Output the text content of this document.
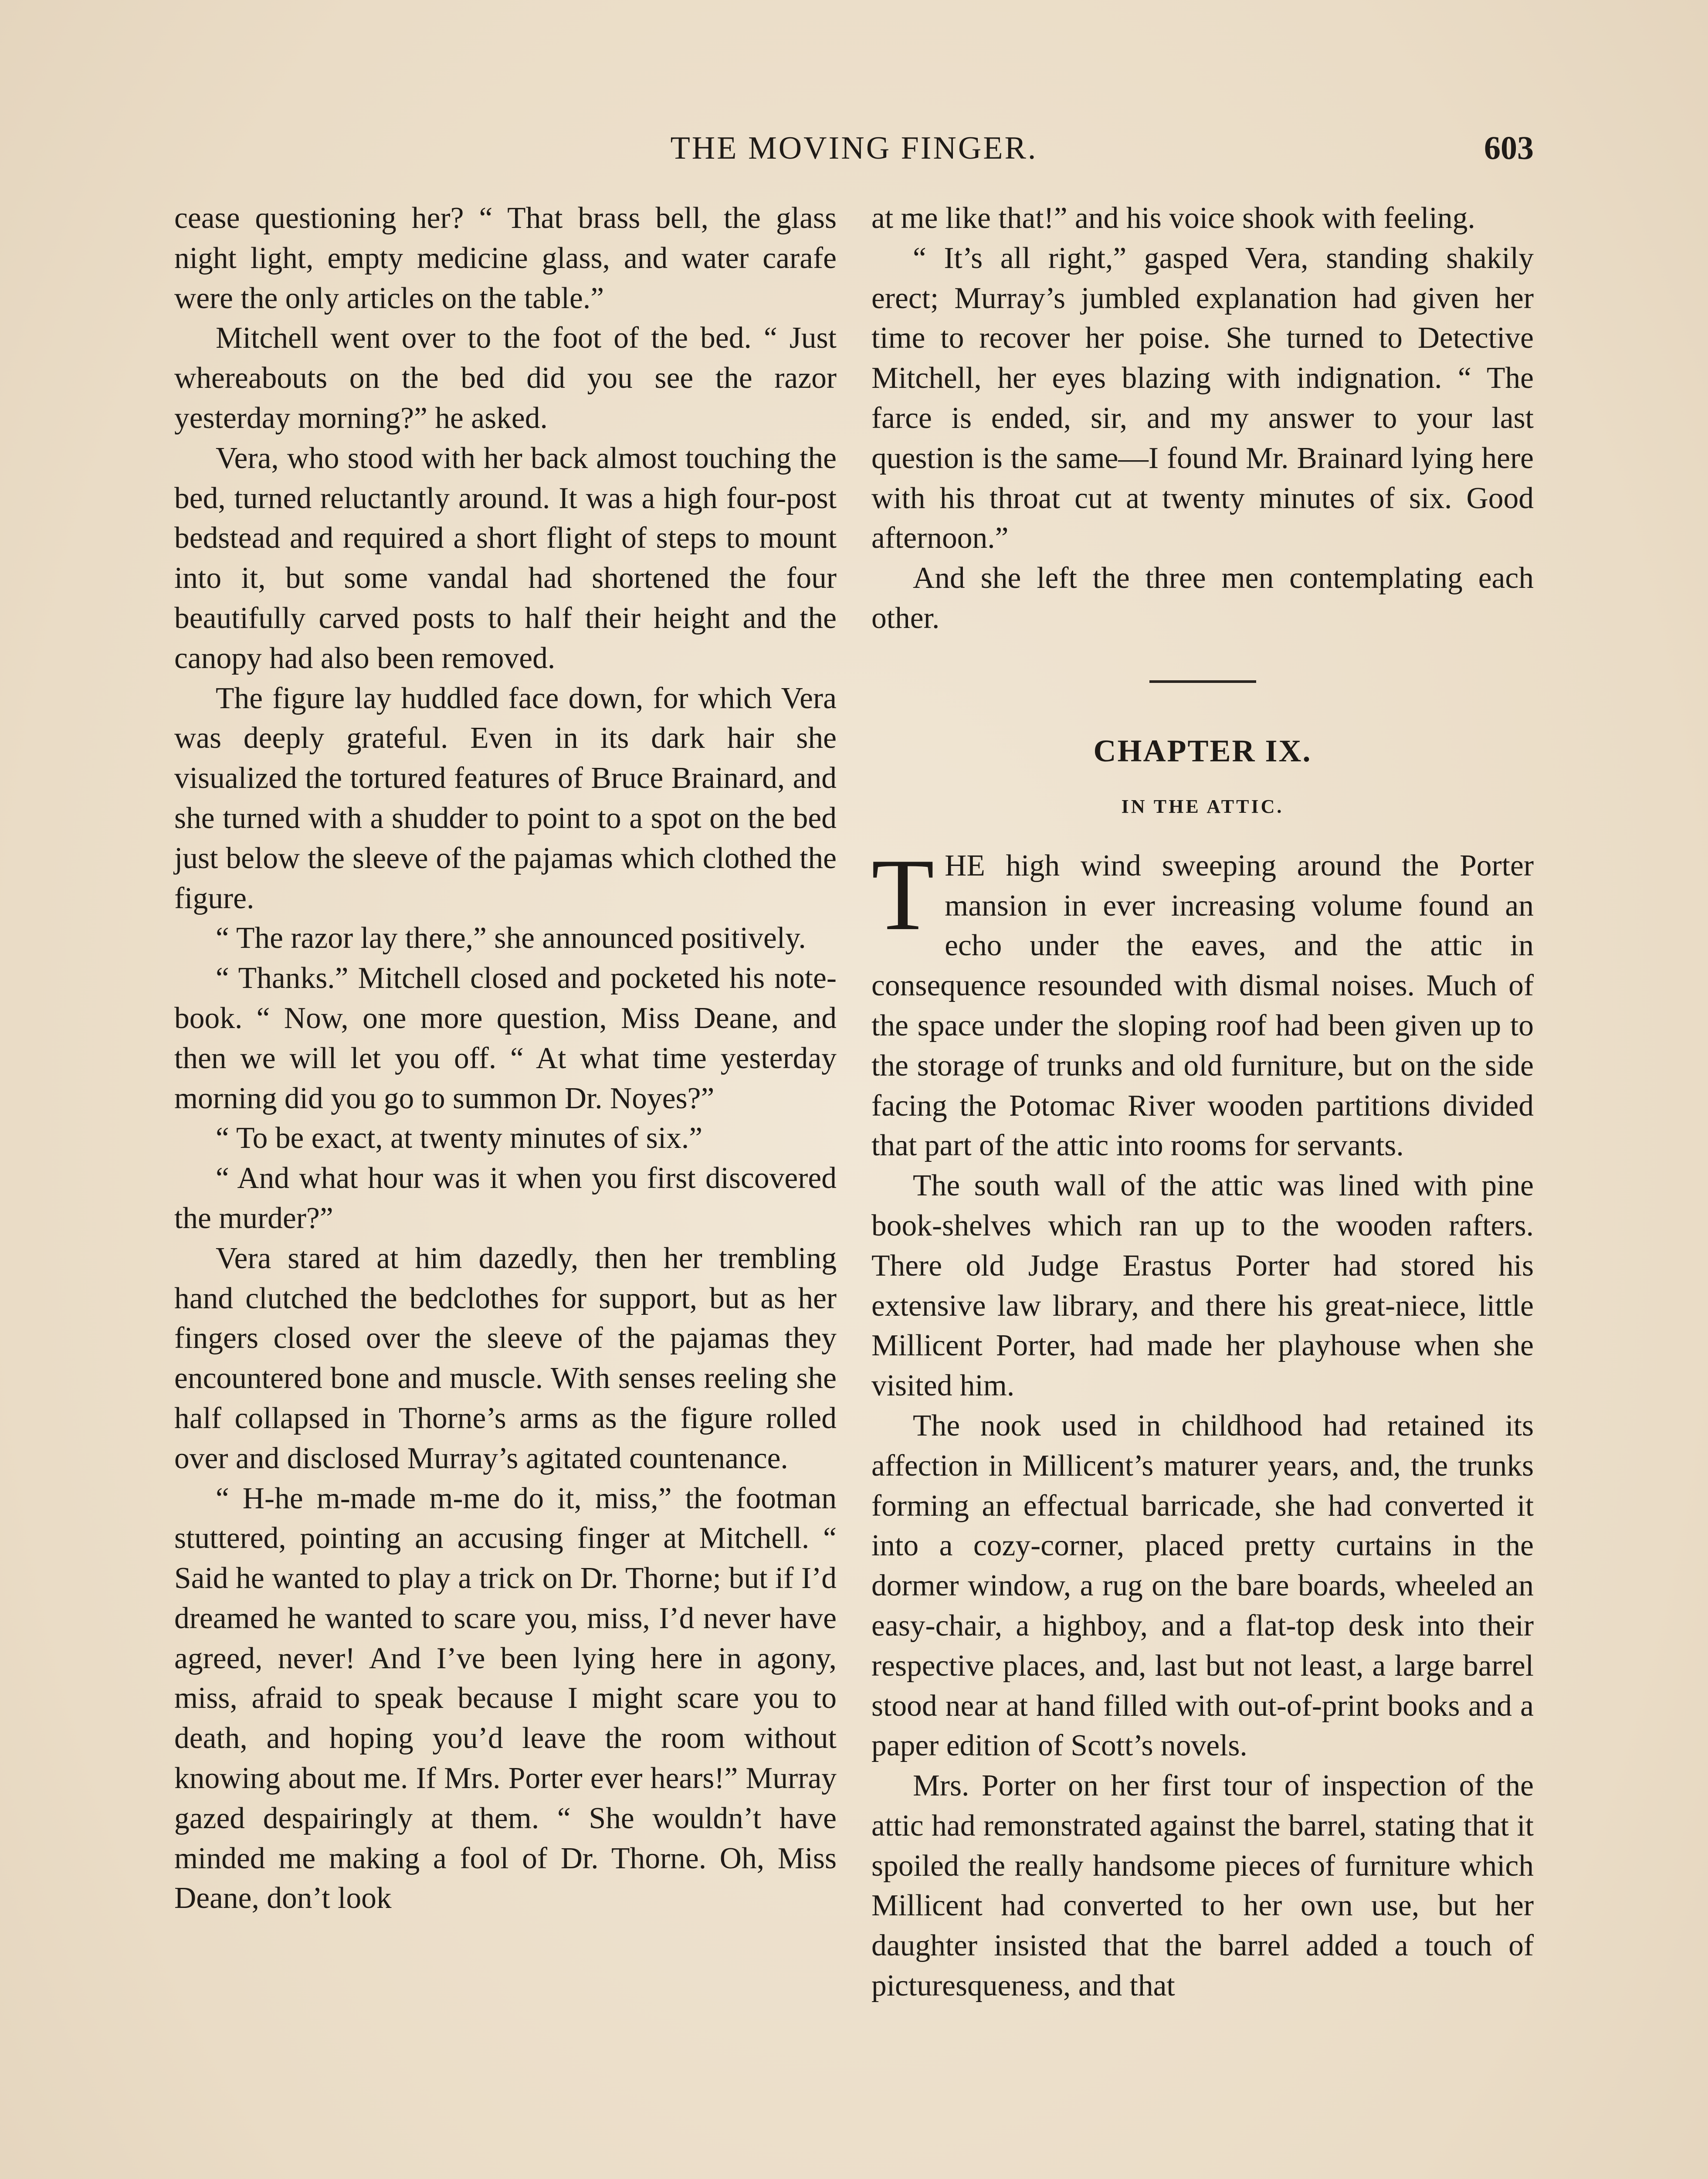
THE MOVING FINGER.	603

cease questioning her? “ That brass bell, the glass night light, empty medicine glass, and water carafe were the only articles on the table.”

Mitchell went over to the foot of the bed. “ Just whereabouts on the bed did you see the razor yesterday morning?” he asked.

Vera, who stood with her back almost touching the bed, turned reluctantly around. It was a high four-post bedstead and required a short flight of steps to mount into it, but some vandal had shortened the four beautifully carved posts to half their height and the canopy had also been removed.

The figure lay huddled face down, for which Vera was deeply grateful. Even in its dark hair she visualized the tortured features of Bruce Brainard, and she turned with a shudder to point to a spot on the bed just below the sleeve of the pajamas which clothed the figure.

“ The razor lay there,” she announced positively.

“ Thanks.” Mitchell closed and pocketed his note-book. “ Now, one more question, Miss Deane, and then we will let you off. “ At what time yesterday morning did you go to summon Dr. Noyes?”

“ To be exact, at twenty minutes of six.”

“ And what hour was it when you first discovered the murder?”

Vera stared at him dazedly, then her trembling hand clutched the bedclothes for support, but as her fingers closed over the sleeve of the pajamas they encountered bone and muscle. With senses reeling she half collapsed in Thorne’s arms as the figure rolled over and disclosed Murray’s agitated countenance.

“ H-he m-made m-me do it, miss,” the footman stuttered, pointing an accusing finger at Mitchell. “ Said he wanted to play a trick on Dr. Thorne; but if I’d dreamed he wanted to scare you, miss, I’d never have agreed, never! And I’ve been lying here in agony, miss, afraid to speak because I might scare you to death, and hoping you’d leave the room without knowing about me. If Mrs. Porter ever hears!” Murray gazed despairingly at them. “ She wouldn’t have minded me making a fool of Dr. Thorne. Oh, Miss Deane, don’t look

at me like that!” and his voice shook with feeling.

“ It’s all right,” gasped Vera, standing shakily erect; Murray’s jumbled explanation had given her time to recover her poise. She turned to Detective Mitchell, her eyes blazing with indignation. “ The farce is ended, sir, and my answer to your last question is the same—I found Mr. Brainard lying here with his throat cut at twenty minutes of six. Good afternoon.”

And she left the three men contemplating each other.

CHAPTER IX.
IN THE ATTIC.

THE high wind sweeping around the Porter mansion in ever increasing volume found an echo under the eaves, and the attic in consequence resounded with dismal noises. Much of the space under the sloping roof had been given up to the storage of trunks and old furniture, but on the side facing the Potomac River wooden partitions divided that part of the attic into rooms for servants.

The south wall of the attic was lined with pine book-shelves which ran up to the wooden rafters. There old Judge Erastus Porter had stored his extensive law library, and there his great-niece, little Millicent Porter, had made her playhouse when she visited him.

The nook used in childhood had retained its affection in Millicent’s maturer years, and, the trunks forming an effectual barricade, she had converted it into a cozy-corner, placed pretty curtains in the dormer window, a rug on the bare boards, wheeled an easy-chair, a highboy, and a flat-top desk into their respective places, and, last but not least, a large barrel stood near at hand filled with out-of-print books and a paper edition of Scott’s novels.

Mrs. Porter on her first tour of inspection of the attic had remonstrated against the barrel, stating that it spoiled the really handsome pieces of furniture which Millicent had converted to her own use, but her daughter insisted that the barrel added a touch of picturesqueness, and that
